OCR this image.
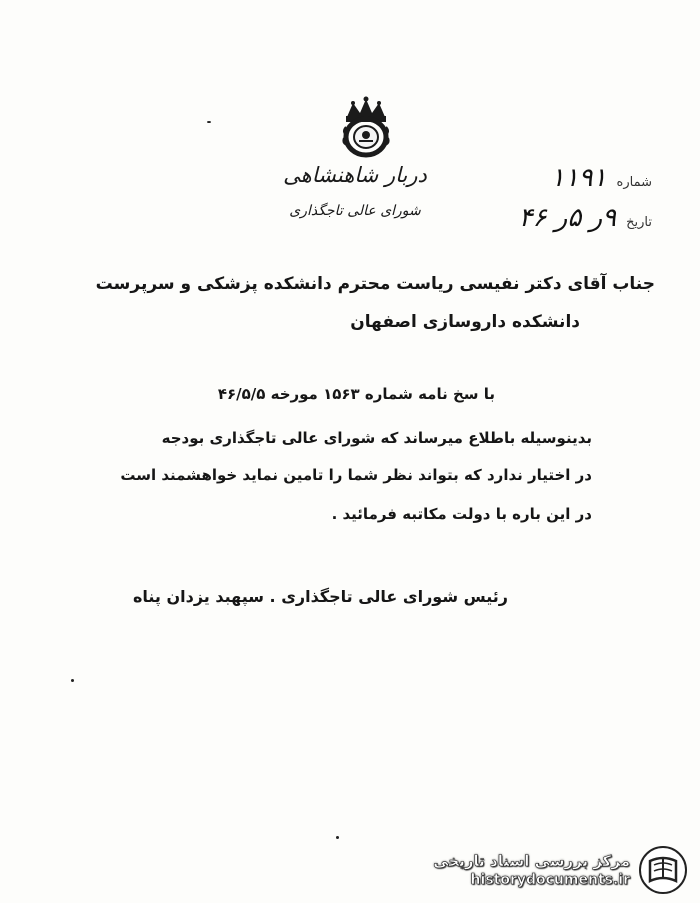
دربار شاهنشاهی
شورای عالی تاجگذاری
شماره
۱۱۹۱
تاریخ
۹ر ۵ر ۴۶
جناب آقای دکتر نفیسی ریاست محترم دانشکده پزشکی و سرپرست
دانشکده داروسازی اصفهان
با سخ نامه شماره ۱۵۶۳ مورخه ۴۶/۵/۵
بدینوسیله باطلاع میرساند که شورای عالی تاجگذاری بودجه
در اختیار ندارد که بتواند نظر شما را تامین نماید خواهشمند است
در این باره با دولت مکاتبه فرمائید .
رئیس شورای عالی تاجگذاری . سپهبد یزدان پناه
مرکز بررسی اسناد تاریخی
historydocuments.ir
